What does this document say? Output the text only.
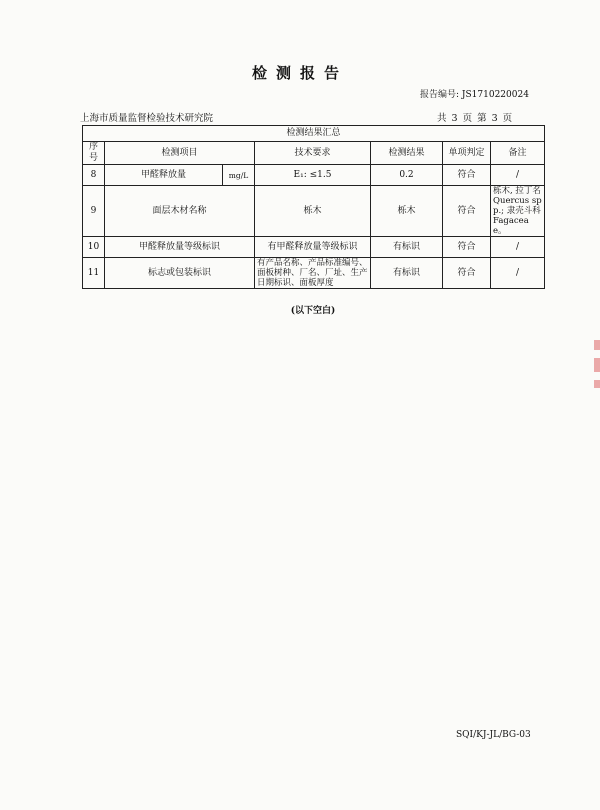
检测报告
报告编号: JS1710220024
上海市质量监督检验技术研究院	共 3 页 第 3 页
检测结果汇总						
序号	检测项目		技术要求	检测结果	单项判定	备注
8	甲醛释放量	mg/L	E₁: ≤1.5	0.2	符合	/
9	面层木材名称		栎木	栎木	符合	栎木, 拉丁名Quercus spp.; 隶壳斗科Fagaceae。
10	甲醛释放量等级标识		有甲醛释放量等级标识	有标识	符合	/
11	标志或包装标识		有产品名称、产品标准编号、面板树种、厂名、厂址、生产日期标识、面板厚度	有标识	符合	/
(以下空白)
SQI/KJ-JL/BG-03
